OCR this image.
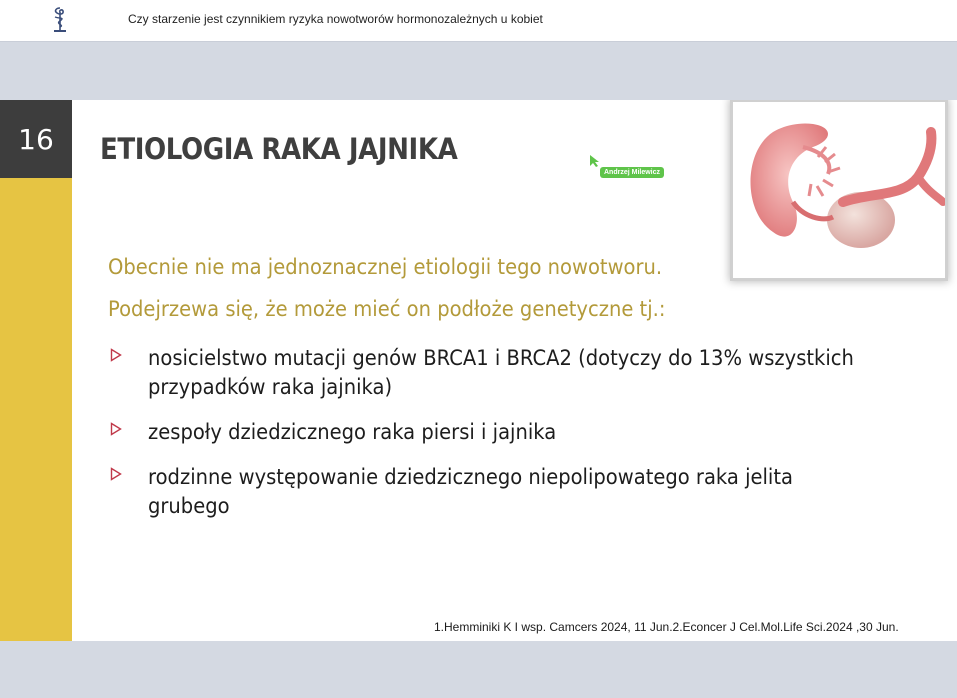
Czy starzenie jest czynnikiem ryzyka nowotworów hormonozależnych u kobiet
16	ETIOLOGIA RAKA JAJNIKA
Andrzej Milewicz
Obecnie nie ma jednoznacznej etiologii tego nowotworu.
Podejrzewa się, że może mieć on podłoże genetyczne tj.:
nosicielstwo mutacji genów BRCA1 i BRCA2 (dotyczy do 13% wszystkich przypadków raka jajnika)
zespoły dziedzicznego raka piersi i jajnika
rodzinne występowanie dziedzicznego niepolipowatego raka jelita grubego
1.Hemminiki K I wsp. Camcers 2024, 11 Jun.2.Econcer J Cel.Mol.Life Sci.2024 ,30 Jun.
